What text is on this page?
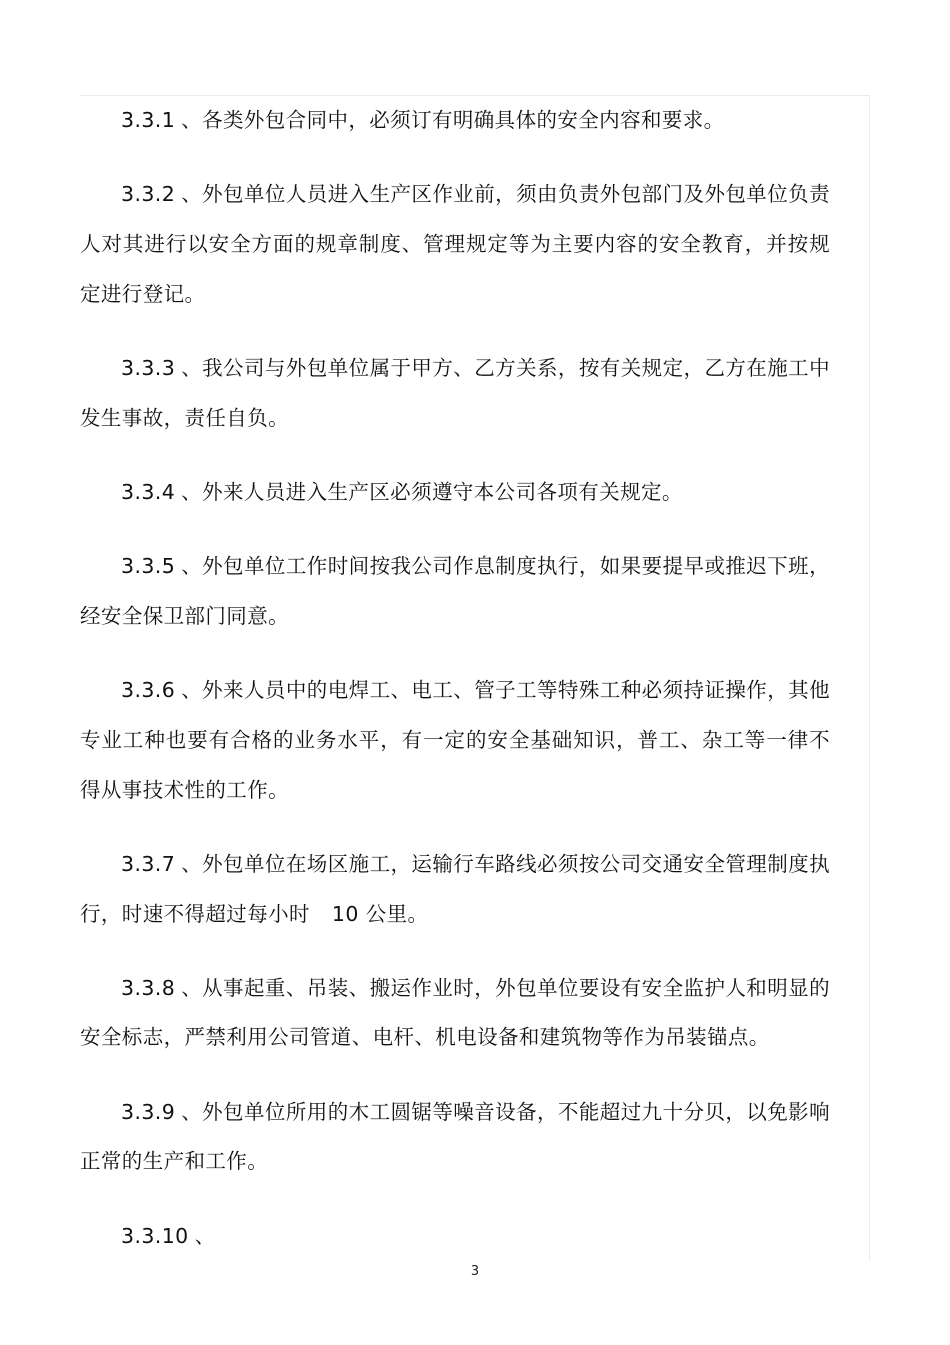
3.3.1 、各类外包合同中，必须订有明确具体的安全内容和要求。

3.3.2 、外包单位人员进入生产区作业前，须由负责外包部门及外包单位负责人对其进行以安全方面的规章制度、管理规定等为主要内容的安全教育，并按规定进行登记。

3.3.3 、我公司与外包单位属于甲方、乙方关系，按有关规定，乙方在施工中发生事故，责任自负。

3.3.4 、外来人员进入生产区必须遵守本公司各项有关规定。

3.3.5 、外包单位工作时间按我公司作息制度执行，如果要提早或推迟下班，经安全保卫部门同意。

3.3.6 、外来人员中的电焊工、电工、管子工等特殊工种必须持证操作，其他专业工种也要有合格的业务水平，有一定的安全基础知识，普工、杂工等一律不得从事技术性的工作。

3.3.7 、外包单位在场区施工，运输行车路线必须按公司交通安全管理制度执行，时速不得超过每小时 10 公里。

3.3.8 、从事起重、吊装、搬运作业时，外包单位要设有安全监护人和明显的安全标志，严禁利用公司管道、电杆、机电设备和建筑物等作为吊装锚点。

3.3.9 、外包单位所用的木工圆锯等噪音设备，不能超过九十分贝，以免影响正常的生产和工作。

3.3.10 、

3
